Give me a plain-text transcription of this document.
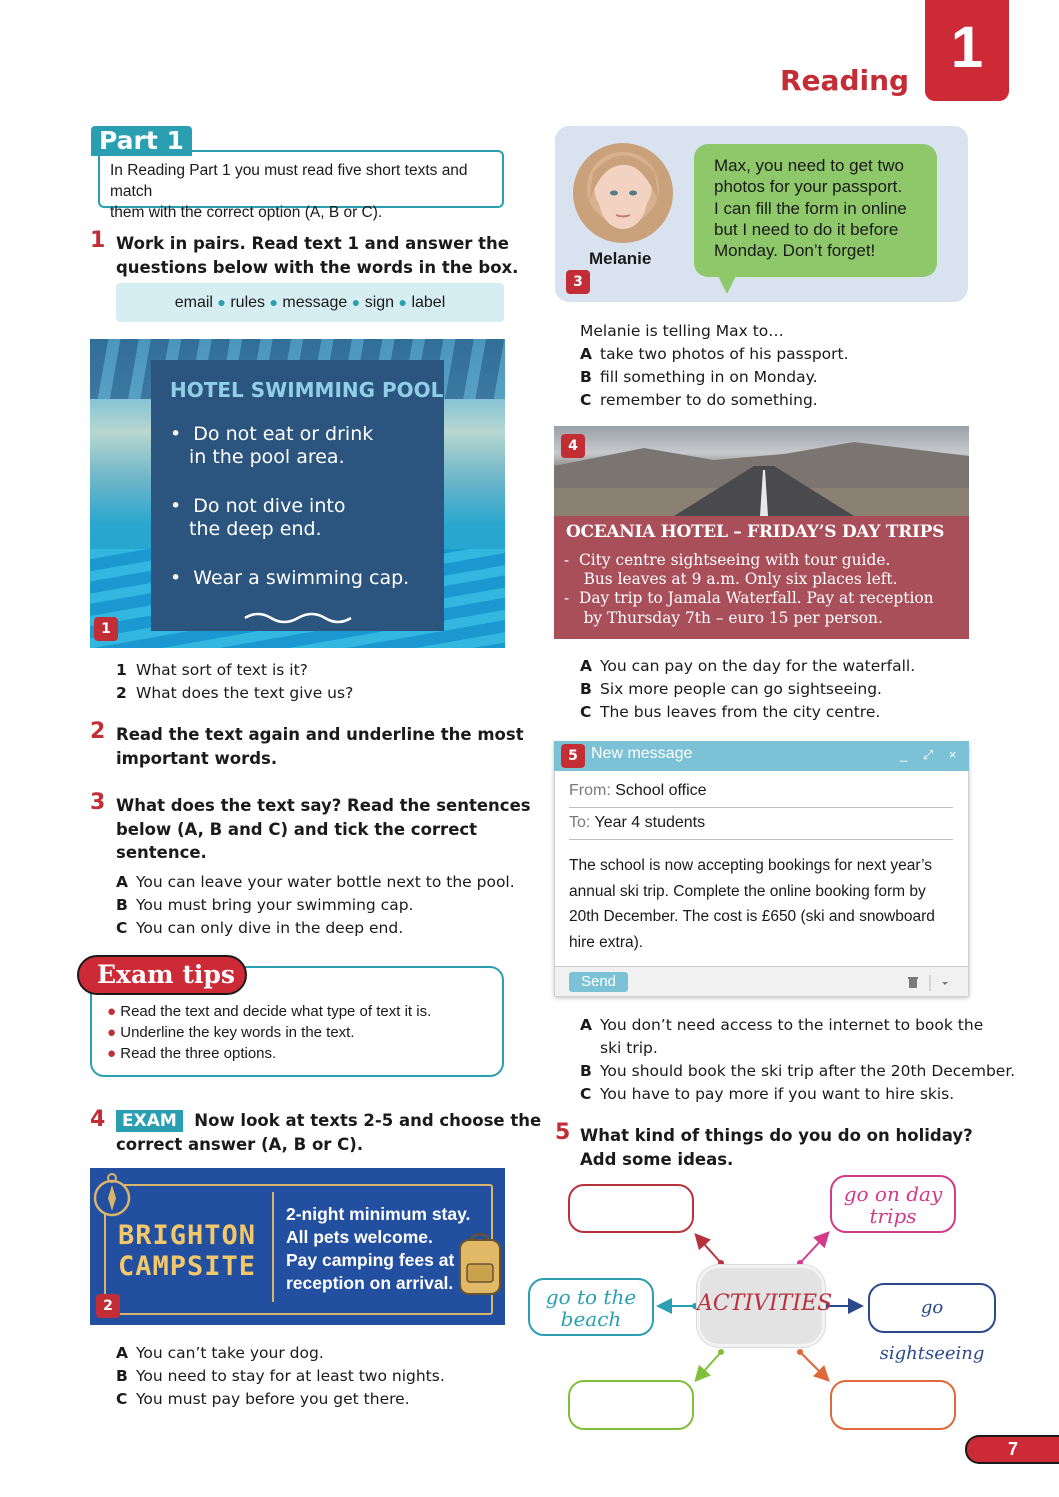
Reading
1
In Reading Part 1 you must read five short texts and match
them with the correct option (A, B or C).
Part 1
1 Work in pairs. Read text 1 and answer the
questions below with the words in the box.
email ● rules ● message ● sign ● label
HOTEL SWIMMING POOL
•  Do not eat or drink
in the pool area.
•  Do not dive into
the deep end.
•  Wear a swimming cap.
1
1 What sort of text is it?
2 What does the text give us?
2 Read the text again and underline the most
important words.
3 What does the text say? Read the sentences
below (A, B and C) and tick the correct
sentence.
A You can leave your water bottle next to the pool.
B You must bring your swimming cap.
C You can only dive in the deep end.
Exam tips
● Read the text and decide what type of text it is.
● Underline the key words in the text.
● Read the three options.
4 EXAM Now look at texts 2-5 and choose the
correct answer (A, B or C).
BRIGHTON
CAMPSITE
2-night minimum stay.
All pets welcome.
Pay camping fees at
reception on arrival.
2
A You can’t take your dog.
B You need to stay for at least two nights.
C You must pay before you get there.
Melanie
Max, you need to get two
photos for your passport.
I can fill the form in online
but I need to do it before
Monday. Don’t forget!
3
Melanie is telling Max to…
A take two photos of his passport.
B fill something in on Monday.
C remember to do something.
4
OCEANIA HOTEL – FRIDAY’S DAY TRIPS
-  City centre sightseeing with tour guide.
Bus leaves at 9 a.m. Only six places left.
-  Day trip to Jamala Waterfall. Pay at reception
by Thursday 7th – euro 15 per person.
A You can pay on the day for the waterfall.
B Six more people can go sightseeing.
C The bus leaves from the city centre.
5 New message	_ ⤢ ×
From: School office
To: Year 4 students
The school is now accepting bookings for next year’s
annual ski trip. Complete the online booking form by
20th December. The cost is £650 (ski and snowboard
hire extra).
Send
A You don’t need access to the internet to book the
ski trip.
B You should book the ski trip after the 20th December.
C You have to pay more if you want to hire skis.
5 What kind of things do you do on holiday?
Add some ideas.
go on day
trips
go to the
beach
ACTIVITIES	go sightseeing
7
